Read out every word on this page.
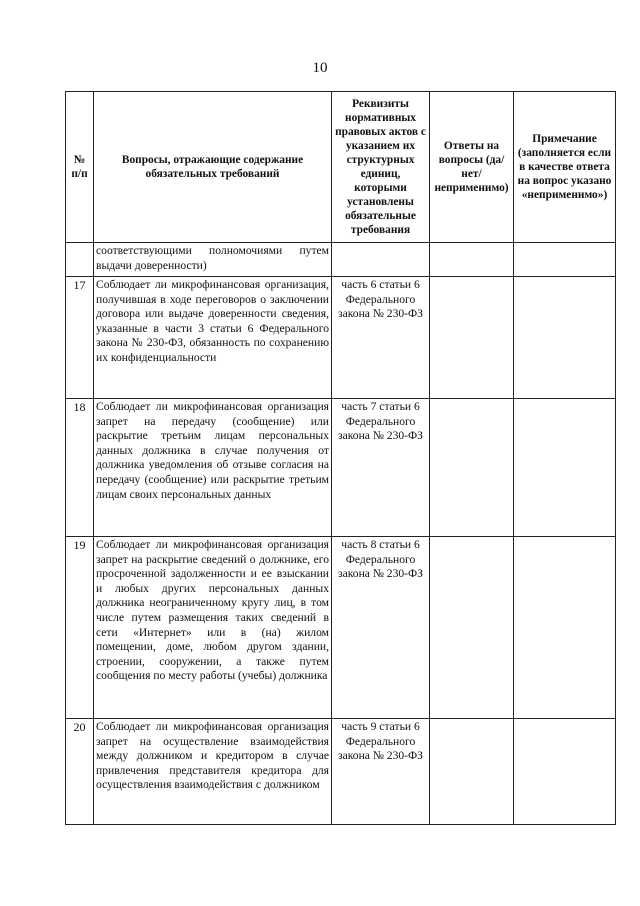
10
№ п/п	Вопросы, отражающие содержание обязательных требований	Реквизиты нормативных правовых актов с указанием их структурных единиц, которыми установлены обязательные требования	Ответы на вопросы (да/нет/ неприменимо)	Примечание (заполняется если в качестве ответа на вопрос указано «неприменимо»)
	соответствующими полномочиями путем выдачи доверенности)			
17	Соблюдает ли микрофинансовая организация, получившая в ходе переговоров о заключении договора или выдаче доверенности сведения, указанные в части 3 статьи 6 Федерального закона № 230-ФЗ, обязанность по сохранению их конфиденциальности	часть 6 статьи 6 Федерального закона № 230-ФЗ		
18	Соблюдает ли микрофинансовая организация запрет на передачу (сообщение) или раскрытие третьим лицам персональных данных должника в случае получения от должника уведомления об отзыве согласия на передачу (сообщение) или раскрытие третьим лицам своих персональных данных	часть 7 статьи 6 Федерального закона № 230-ФЗ		
19	Соблюдает ли микрофинансовая организация запрет на раскрытие сведений о должнике, его просроченной задолженности и ее взыскании и любых других персональных данных должника неограниченному кругу лиц, в том числе путем размещения таких сведений в сети «Интернет» или в (на) жилом помещении, доме, любом другом здании, строении, сооружении, а также путем сообщения по месту работы (учебы) должника	часть 8 статьи 6 Федерального закона № 230-ФЗ		
20	Соблюдает ли микрофинансовая организация запрет на осуществление взаимодействия между должником и кредитором в случае привлечения представителя кредитора для осуществления взаимодействия с должником	часть 9 статьи 6 Федерального закона № 230-ФЗ		
